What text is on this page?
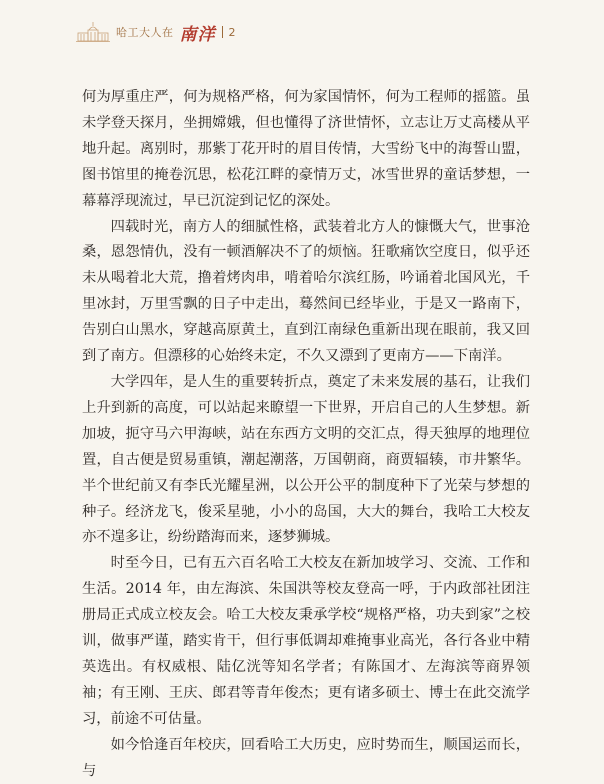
哈工大人在 南洋 2

何为厚重庄严，何为规格严格，何为家国情怀，何为工程师的摇篮。虽未学登天探月，坐拥嫦娥，但也懂得了济世情怀，立志让万丈高楼从平地升起。离别时，那紫丁花开时的眉目传情，大雪纷飞中的海誓山盟，图书馆里的掩卷沉思，松花江畔的豪情万丈，冰雪世界的童话梦想，一幕幕浮现流过，早已沉淀到记忆的深处。

四载时光，南方人的细腻性格，武装着北方人的慷慨大气，世事沧桑，恩怨情仇，没有一顿酒解决不了的烦恼。狂歌痛饮空度日，似乎还未从喝着北大荒，撸着烤肉串，啃着哈尔滨红肠，吟诵着北国风光，千里冰封，万里雪飘的日子中走出，蓦然间已经毕业，于是又一路南下，告别白山黑水，穿越高原黄土，直到江南绿色重新出现在眼前，我又回到了南方。但漂移的心始终未定，不久又漂到了更南方——下南洋。

大学四年，是人生的重要转折点，奠定了未来发展的基石，让我们上升到新的高度，可以站起来瞭望一下世界，开启自己的人生梦想。新加坡，扼守马六甲海峡，站在东西方文明的交汇点，得天独厚的地理位置，自古便是贸易重镇，潮起潮落，万国朝商，商贾辐辏，市井繁华。半个世纪前又有李氏光耀星洲，以公开公平的制度种下了光荣与梦想的种子。经济龙飞，俊采星驰，小小的岛国，大大的舞台，我哈工大校友亦不遑多让，纷纷踏海而来，逐梦狮城。

时至今日，已有五六百名哈工大校友在新加坡学习、交流、工作和生活。2014 年，由左海滨、朱国洪等校友登高一呼，于内政部社团注册局正式成立校友会。哈工大校友秉承学校“规格严格，功夫到家”之校训，做事严谨，踏实肯干，但行事低调却难掩事业高光，各行各业中精英选出。有权威根、陆亿洸等知名学者；有陈国才、左海滨等商界领袖；有王刚、王庆、郎君等青年俊杰；更有诸多硕士、博士在此交流学习，前途不可估量。

如今恰逢百年校庆，回看哈工大历史，应时势而生，顺国运而长，与
